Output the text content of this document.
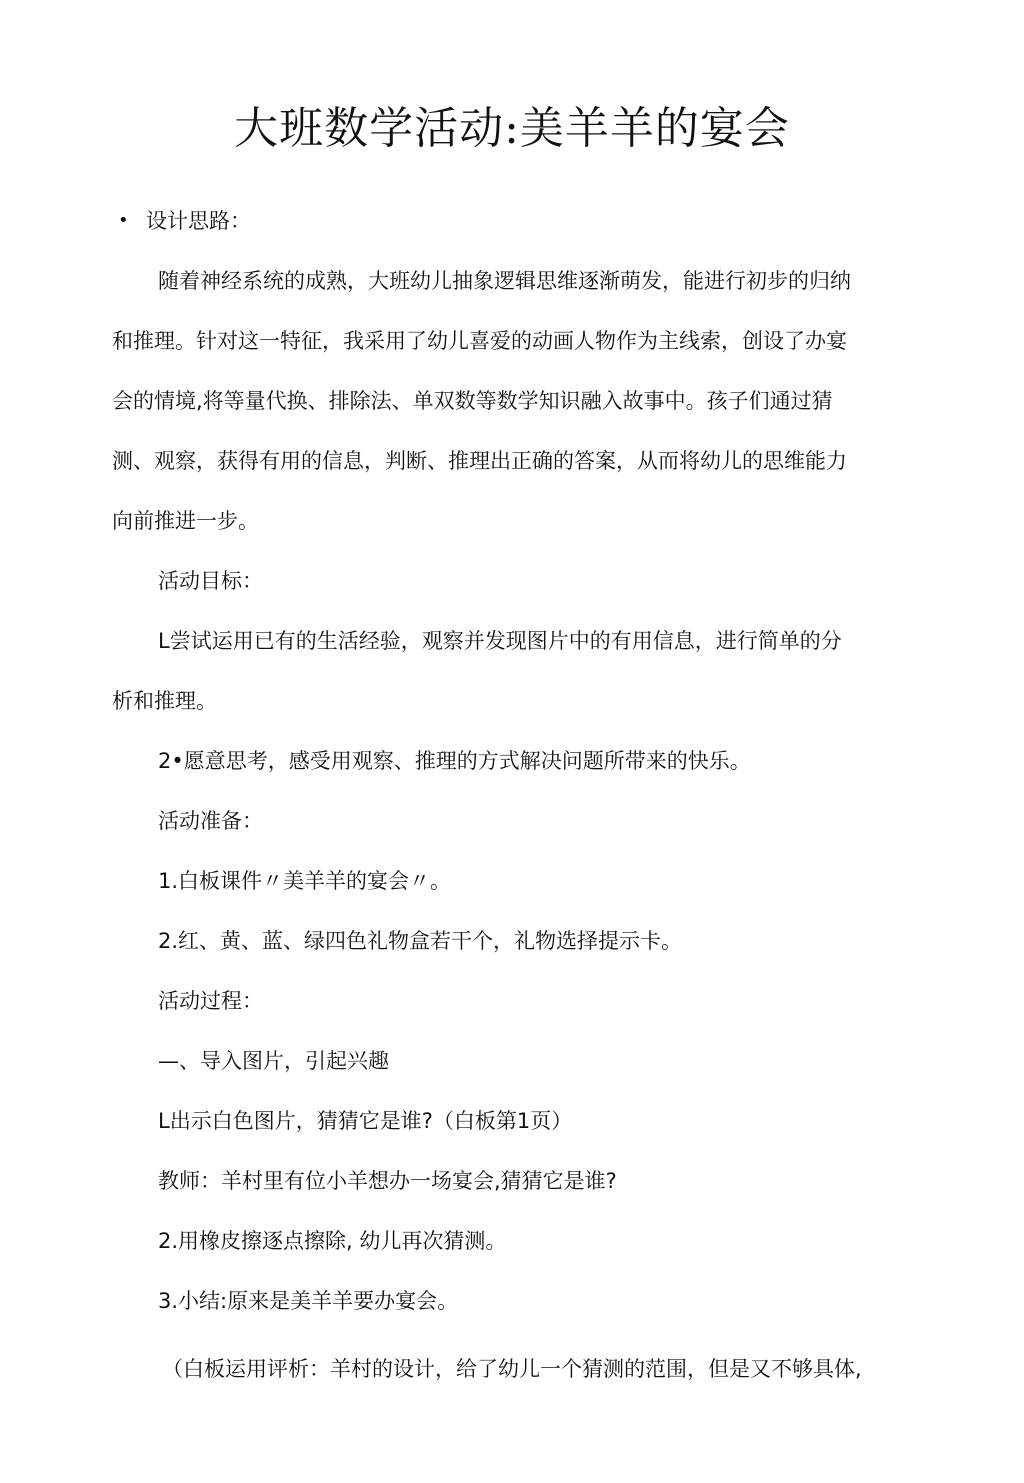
大班数学活动:美羊羊的宴会
• 设计思路：
随着神经系统的成熟，大班幼儿抽象逻辑思维逐渐萌发，能进行初步的归纳
和推理。针对这一特征，我采用了幼儿喜爱的动画人物作为主线索，创设了办宴
会的情境,将等量代换、排除法、单双数等数学知识融入故事中。孩子们通过猜
测、观察，获得有用的信息，判断、推理出正确的答案，从而将幼儿的思维能力
向前推进一步。
活动目标：
L尝试运用已有的生活经验，观察并发现图片中的有用信息，进行简单的分
析和推理。
2•愿意思考，感受用观察、推理的方式解决问题所带来的快乐。
活动准备：
1.白板课件〃美羊羊的宴会〃。
2.红、黄、蓝、绿四色礼物盒若干个，礼物选择提示卡。
活动过程：
—、导入图片，引起兴趣
L出示白色图片，猜猜它是谁?（白板第1页）
教师：羊村里有位小羊想办一场宴会,猜猜它是谁?
2.用橡皮擦逐点擦除, 幼儿再次猜测。
3.小结:原来是美羊羊要办宴会。
（白板运用评析：羊村的设计，给了幼儿一个猜测的范围，但是又不够具体,
